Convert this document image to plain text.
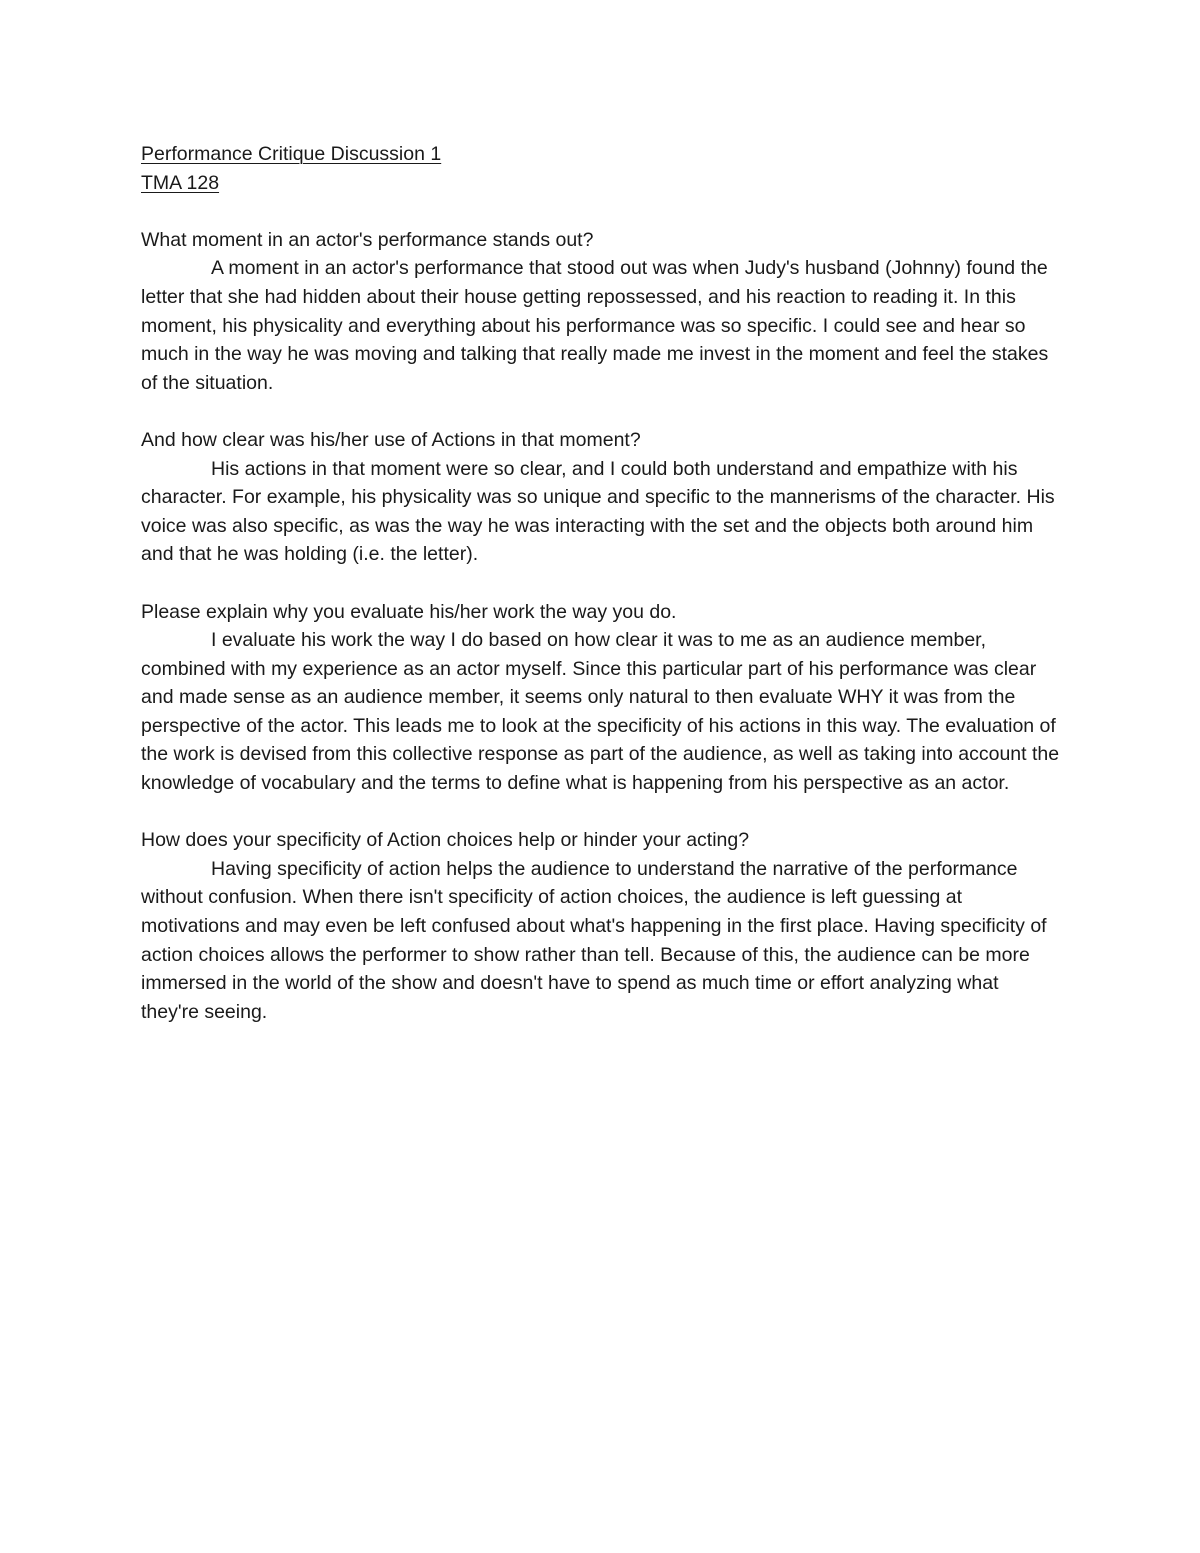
Performance Critique Discussion 1

TMA 128

What moment in an actor's performance stands out?

A moment in an actor's performance that stood out was when Judy's husband (Johnny) found the letter that she had hidden about their house getting repossessed, and his reaction to reading it. In this moment, his physicality and everything about his performance was so specific. I could see and hear so much in the way he was moving and talking that really made me invest in the moment and feel the stakes of the situation.

And how clear was his/her use of Actions in that moment?

His actions in that moment were so clear, and I could both understand and empathize with his character. For example, his physicality was so unique and specific to the mannerisms of the character. His voice was also specific, as was the way he was interacting with the set and the objects both around him and that he was holding (i.e. the letter).

Please explain why you evaluate his/her work the way you do.

I evaluate his work the way I do based on how clear it was to me as an audience member, combined with my experience as an actor myself. Since this particular part of his performance was clear and made sense as an audience member, it seems only natural to then evaluate WHY it was from the perspective of the actor. This leads me to look at the specificity of his actions in this way. The evaluation of the work is devised from this collective response as part of the audience, as well as taking into account the knowledge of vocabulary and the terms to define what is happening from his perspective as an actor.

How does your specificity of Action choices help or hinder your acting?

Having specificity of action helps the audience to understand the narrative of the performance without confusion. When there isn't specificity of action choices, the audience is left guessing at motivations and may even be left confused about what's happening in the first place. Having specificity of action choices allows the performer to show rather than tell. Because of this, the audience can be more immersed in the world of the show and doesn't have to spend as much time or effort analyzing what they're seeing.
